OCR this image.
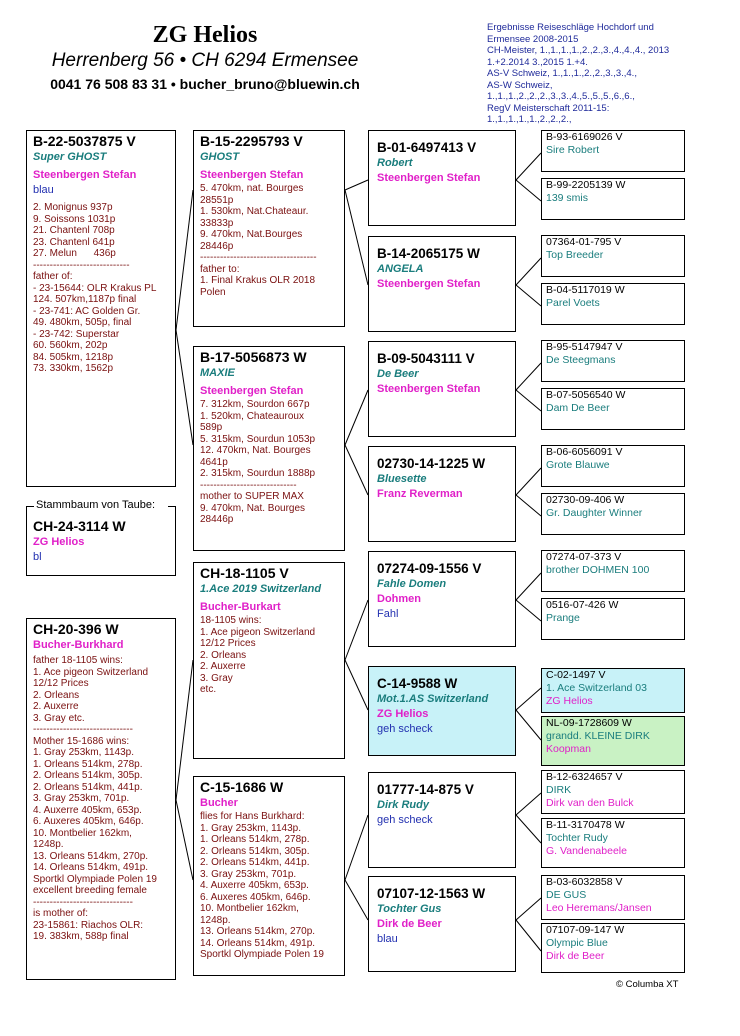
ZG Helios
Herrenberg 56 • CH 6294 Ermensee
0041 76 508 83 31 • bucher_bruno@bluewin.ch
Ergebnisse Reiseschläge Hochdorf und
Ermensee 2008-2015
CH-Meister, 1.,1.,1.,1.,2.,2.,3.,4.,4.,4., 2013
1.+2.2014 3.,2015 1.+4.
AS-V Schweiz, 1.,1.,1.,2.,2.,3.,3.,4.,
AS-W Schweiz,
1.,1.,1.,2.,2.,2.,3.,3.,4.,5.,5.,5.,6.,6.,
RegV Meisterschaft 2011-15:
1.,1.,1.,1.,1.,2.,2.,2.,
B-22-5037875 V
Super GHOST
Steenbergen Stefan
blau
2. Monignus 937p
9. Soissons 1031p
21. Chantenl 708p
23. Chantenl 641p
27. Melun      436p
-----------------------------
father of:
- 23-15644: OLR Krakus PL
124. 507km,1187p final
- 23-741: AC Golden Gr.
49. 480km, 505p, final
- 23-742: Superstar
60. 560km, 202p
84. 505km, 1218p
73. 330km, 1562p
CH-24-3114 W
ZG Helios
bl
Stammbaum von Taube:
CH-20-396 W
Bucher-Burkhard
father 18-1105 wins:
1. Ace pigeon Switzerland
12/12 Prices
2. Orleans
2. Auxerre
3. Gray etc.
------------------------------
Mother 15-1686 wins:
1. Gray 253km, 1143p.
1. Orleans 514km, 278p.
2. Orleans 514km, 305p.
2. Orleans 514km, 441p.
3. Gray 253km, 701p.
4. Auxerre 405km, 653p.
6. Auxeres 405km, 646p.
10. Montbelier 162km,
1248p.
13. Orleans 514km, 270p.
14. Orleans 514km, 491p.
Sportkl Olympiade Polen 19
excellent breeding female
------------------------------
is mother of:
23-15861: Riachos OLR:
19. 383km, 588p final
B-15-2295793 V
GHOST
Steenbergen Stefan
5. 470km, nat. Bourges
28551p
1. 530km, Nat.Chateaur.
33833p
9. 470km, Nat.Bourges
28446p
-----------------------------------
father to:
1. Final Krakus OLR 2018
Polen
B-17-5056873 W
MAXIE
Steenbergen Stefan
7. 312km, Sourdon 667p
1. 520km, Chateauroux
589p
5. 315km, Sourdun 1053p
12. 470km, Nat. Bourges
4641p
2. 315km, Sourdun 1888p
-----------------------------
mother to SUPER MAX
9. 470km, Nat. Bourges
28446p
CH-18-1105 V
1.Ace 2019 Switzerland
Bucher-Burkart
18-1105 wins:
1. Ace pigeon Switzerland
12/12 Prices
2. Orleans
2. Auxerre
3. Gray
etc.
C-15-1686 W
Bucher
flies for Hans Burkhard:
1. Gray 253km, 1143p.
1. Orleans 514km, 278p.
2. Orleans 514km, 305p.
2. Orleans 514km, 441p.
3. Gray 253km, 701p.
4. Auxerre 405km, 653p.
6. Auxeres 405km, 646p.
10. Montbelier 162km,
1248p.
13. Orleans 514km, 270p.
14. Orleans 514km, 491p.
Sportkl Olympiade Polen 19
B-01-6497413 V
Robert
Steenbergen Stefan
B-14-2065175 W
ANGELA
Steenbergen Stefan
B-09-5043111 V
De Beer
Steenbergen Stefan
02730-14-1225 W
Bluesette
Franz Reverman
07274-09-1556 V
Fahle Domen
Dohmen
Fahl
C-14-9588 W
Mot.1.AS Switzerland
ZG Helios
geh scheck
01777-14-875 V
Dirk Rudy
geh scheck
07107-12-1563 W
Tochter Gus
Dirk de Beer
blau
B-93-6169026 V
Sire Robert
B-99-2205139 W
139 smis
07364-01-795 V
Top Breeder
B-04-5117019 W
Parel Voets
B-95-5147947 V
De Steegmans
B-07-5056540 W
Dam De Beer
B-06-6056091 V
Grote Blauwe
02730-09-406 W
Gr. Daughter Winner
07274-07-373 V
brother DOHMEN 100
0516-07-426 W
Prange
C-02-1497 V
1. Ace Switzerland 03
ZG Helios
NL-09-1728609 W
grandd. KLEINE DIRK
Koopman
B-12-6324657 V
DIRK
Dirk van den Bulck
B-11-3170478 W
Tochter Rudy
G. Vandenabeele
B-03-6032858 V
DE GUS
Leo Heremans/Jansen
07107-09-147 W
Olympic Blue
Dirk de Beer
© Columba XT
